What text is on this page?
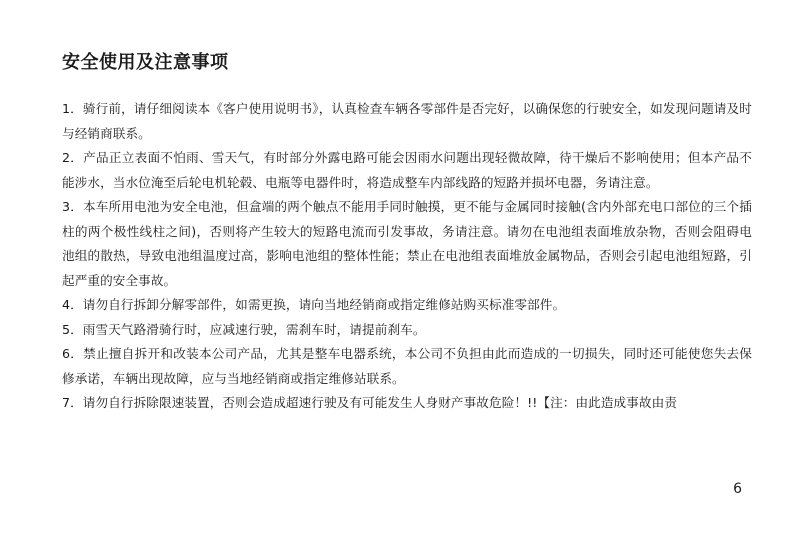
安全使用及注意事项

1．骑行前，请仔细阅读本《客户使用说明书》，认真检查车辆各零部件是否完好，以确保您的行驶安全，如发现问题请及时与经销商联系。

2．产品正立表面不怕雨、雪天气，有时部分外露电路可能会因雨水问题出现轻微故障，待干燥后不影响使用；但本产品不能涉水，当水位淹至后轮电机轮毂、电瓶等电器件时，将造成整车内部线路的短路并损坏电器，务请注意。

3．本车所用电池为安全电池，但盒端的两个触点不能用手同时触摸，更不能与金属同时接触(含内外部充电口部位的三个插柱的两个极性线柱之间)，否则将产生较大的短路电流而引发事故，务请注意。请勿在电池组表面堆放杂物，否则会阻碍电池组的散热，导致电池组温度过高，影响电池组的整体性能；禁止在电池组表面堆放金属物品，否则会引起电池组短路，引起严重的安全事故。

4．请勿自行拆卸分解零部件，如需更换，请向当地经销商或指定维修站购买标准零部件。

5．雨雪天气路滑骑行时，应减速行驶，需刹车时，请提前刹车。

6．禁止擅自拆开和改装本公司产品，尤其是整车电器系统，本公司不负担由此而造成的一切损失，同时还可能使您失去保修承诺，车辆出现故障，应与当地经销商或指定维修站联系。

7．请勿自行拆除限速装置，否则会造成超速行驶及有可能发生人身财产事故危险！!!【注：由此造成事故由责

6
